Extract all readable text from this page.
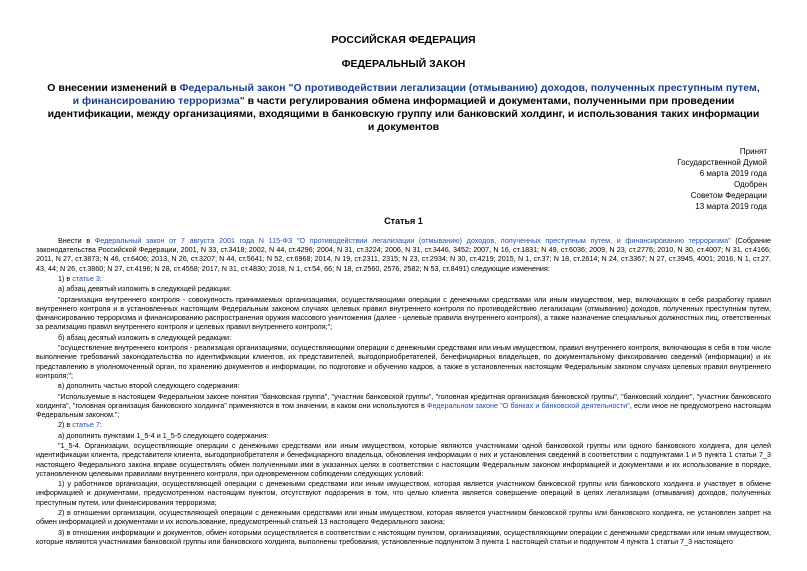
РОССИЙСКАЯ ФЕДЕРАЦИЯ
ФЕДЕРАЛЬНЫЙ ЗАКОН
О внесении изменений в Федеральный закон "О противодействии легализации (отмыванию) доходов, полученных преступным путем, и финансированию терроризма" в части регулирования обмена информацией и документами, полученными при проведении идентификации, между организациями, входящими в банковскую группу или банковский холдинг, и использования таких информации и документов
Принят
Государственной Думой
6 марта 2019 года
Одобрен
Советом Федерации
13 марта 2019 года
Статья 1

Внести в Федеральный закон от 7 августа 2001 года N 115-ФЗ "О противодействии легализации (отмыванию) доходов, полученных преступным путем, и финансированию терроризма" (Собрание законодательства Российской Федерации, 2001, N 33, ст.3418; 2002, N 44, ст.4296; 2004, N 31, ст.3224; 2006, N 31, ст.3446, 3452; 2007, N 16, ст.1831; N 49, ст.6036; 2009, N 23, ст.2776; 2010, N 30, ст.4007; N 31, ст.4166; 2011, N 27, ст.3873; N 46, ст.6406; 2013, N 26, ст.3207; N 44, ст.5641; N 52, ст.6968; 2014, N 19, ст.2311, 2315; N 23, ст.2934; N 30, ст.4219; 2015, N 1, ст.37; N 18, ст.2614; N 24, ст.3367; N 27, ст.3945, 4001; 2016, N 1, ст.27, 43, 44; N 26, ст.3860; N 27, ст.4196; N 28, ст.4558; 2017, N 31, ст.4830; 2018, N 1, ст.54, 66; N 18, ст.2560, 2576, 2582; N 53, ст.8491) следующие изменения:

1) в статье 3:

а) абзац девятый изложить в следующей редакции:

"организация внутреннего контроля - совокупность принимаемых организациями, осуществляющими операции с денежными средствами или иным имуществом, мер, включающих в себя разработку правил внутреннего контроля и в установленных настоящим Федеральным законом случаях целевых правил внутреннего контроля по противодействию легализации (отмыванию) доходов, полученных преступным путем, финансированию терроризма и финансированию распространения оружия массового уничтожения (далее - целевые правила внутреннего контроля), а также назначение специальных должностных лиц, ответственных за реализацию правил внутреннего контроля и целевых правил внутреннего контроля;";

б) абзац десятый изложить в следующей редакции:

"осуществление внутреннего контроля - реализация организациями, осуществляющими операции с денежными средствами или иным имуществом, правил внутреннего контроля, включающая в себя в том числе выполнение требований законодательства по идентификации клиентов, их представителей, выгодоприобретателей, бенефициарных владельцев, по документальному фиксированию сведений (информации) и их представлению в уполномоченный орган, по хранению документов и информации, по подготовке и обучению кадров, а также в установленных настоящим Федеральным законом случаях целевых правил внутреннего контроля;";

в) дополнить частью второй следующего содержания:

"Используемые в настоящем Федеральном законе понятия "банковская группа", "участник банковской группы", "головная кредитная организация банковской группы", "банковский холдинг", "участник банковского холдинга", "головная организация банковского холдинга" применяются в том значении, в каком они используются в Федеральном законе "О банках и банковской деятельности", если иное не предусмотрено настоящим Федеральным законом.";

2) в статье 7:

а) дополнить пунктами 1_5-4 и 1_5-5 следующего содержания:

"1_5-4. Организации, осуществляющие операции с денежными средствами или иным имуществом, которые являются участниками одной банковской группы или одного банковского холдинга, для целей идентификации клиента, представителя клиента, выгодоприобретателя и бенефициарного владельца, обновления информации о них и установления сведений в соответствии с подпунктами 1 и 5 пункта 1 статьи 7_3 настоящего Федерального закона вправе осуществлять обмен полученными ими в указанных целях в соответствии с настоящим Федеральным законом информацией и документами и их использование в порядке, установленном целевыми правилами внутреннего контроля, при одновременном соблюдении следующих условий:

1) у работников организации, осуществляющей операции с денежными средствами или иным имуществом, которая является участником банковской группы или банковского холдинга и участвует в обмене информацией и документами, предусмотренном настоящим пунктом, отсутствуют подозрения в том, что целью клиента является совершение операций в целях легализации (отмывания) доходов, полученных преступным путем, или финансирования терроризма;

2) в отношении организации, осуществляющей операции с денежными средствами или иным имуществом, которая является участником банковской группы или банковского холдинга, не установлен запрет на обмен информацией и документами и их использование, предусмотренный статьей 13 настоящего Федерального закона;

3) в отношении информации и документов, обмен которыми осуществляется в соответствии с настоящим пунктом, организациями, осуществляющими операции с денежными средствами или иным имуществом, которые являются участниками банковской группы или банковского холдинга, выполнены требования, установленные подпунктом 3 пункта 1 настоящей статьи и подпунктом 4 пункта 1 статьи 7_3 настоящего
